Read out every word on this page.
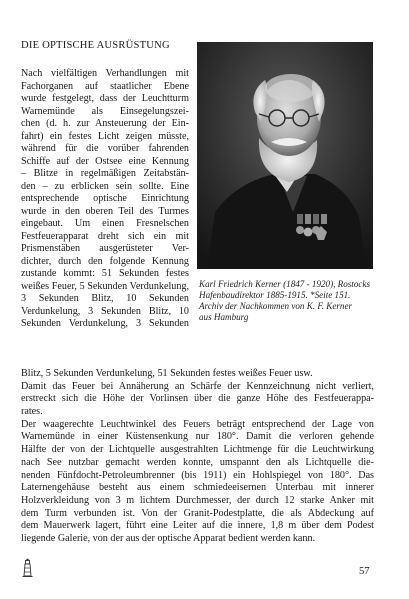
DIE OPTISCHE AUSRÜSTUNG
Nach vielfältigen Verhandlungen mit
Fachorganen auf staatlicher Ebene
wurde festgelegt, dass der Leuchtturm
Warnemünde als Einsegelungszei-
chen (d. h. zur Ansteuerung der Ein-
fahrt) ein festes Licht zeigen müsste,
während für die vorüber fahrenden
Schiffe auf der Ostsee eine Kennung
– Blitze in regelmäßigen Zeitabstän-
den – zu erblicken sein sollte. Eine
entsprechende optische Einrichtung
wurde in den oberen Teil des Turmes
eingebaut. Um einen Fresnelschen
Festfeuerapparat dreht sich ein mit
Prismenstäben ausgerüsteter Ver-
dichter, durch den folgende Kennung
zustande kommt: 51 Sekunden festes
weißes Feuer, 5 Sekunden Verdunkelung,
3 Sekunden Blitz, 10 Sekunden
Verdunkelung, 3 Sekunden Blitz, 10
Sekunden Verdunkelung, 3 Sekunden
Karl Friedrich Kerner (1847 - 1920), Rostocks
Hafenbaudirektor 1885-1915. *Seite 151.
Archiv der Nachkommen von K. F. Kerner
aus Hamburg
Blitz, 5 Sekunden Verdunkelung, 51 Sekunden festes weißes Feuer usw.
Damit das Feuer bei Annäherung an Schärfe der Kennzeichnung nicht verliert,
erstreckt sich die Höhe der Vorlinsen über die ganze Höhe des Festfeuerappa-
rates.
Der waagerechte Leuchtwinkel des Feuers beträgt entsprechend der Lage von
Warnemünde in einer Küstensenkung nur 180°. Damit die verloren gehende
Hälfte der von der Lichtquelle ausgestrahlten Lichtmenge für die Leuchtwirkung
nach See nutzbar gemacht werden konnte, umspannt den als Lichtquelle die-
nenden Fünfdocht-Petroleumbrenner (bis 1911) ein Hohlspiegel von 180°. Das
Laternengehäuse besteht aus einem schmiedeeisernen Unterbau mit innerer
Holzverkleidung von 3 m lichtem Durchmesser, der durch 12 starke Anker mit
dem Turm verbunden ist. Von der Granit-Podestplatte, die als Abdeckung auf
dem Mauerwerk lagert, führt eine Leiter auf die innere, 1,8 m über dem Podest
liegende Galerie, von der aus der optische Apparat bedient werden kann.
57
